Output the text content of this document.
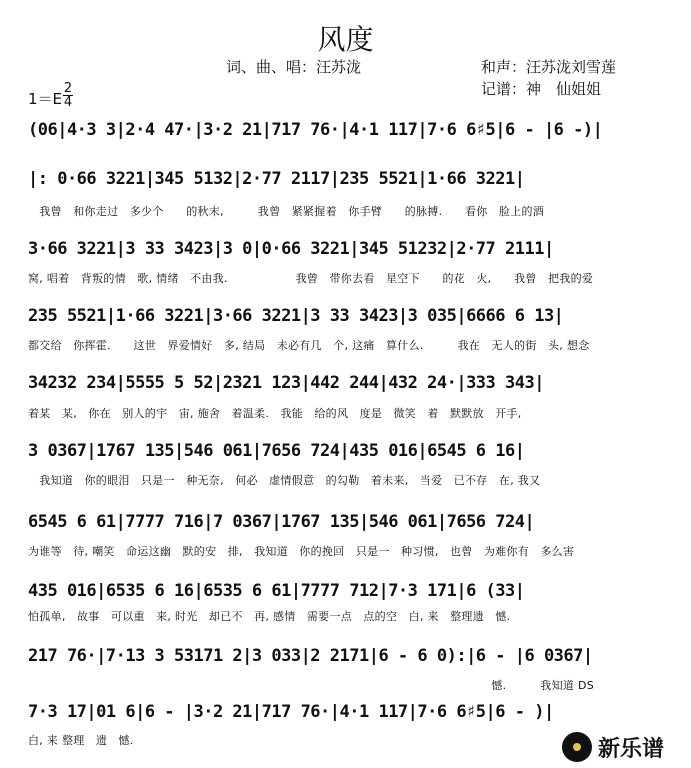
风度
词、曲、唱：汪苏泷	和声：汪苏泷刘雪莲
记谱：神　仙姐姐
1＝E
2
4
(06|4·3 3|2·4 47·|3·2 21|717 76·|4·1 117|7·6 6♯5|6 - |6 -)|
|: 0·66 3221|345 5132|2·77 2117|235 5521|1·66 3221|
　我曾　和你走过　多少个　　的秋末,　　　我曾　紧紧握着　你手臂　　的脉搏.　　看你　脸上的酒
3·66 3221|3 33 3423|3 0|0·66 3221|345 51232|2·77 2111|
窝, 唱着　背叛的情　歌, 情绪　不由我.　　　　　　我曾　带你去看　星空下　　的花　火,　　我曾　把我的爱
235 5521|1·66 3221|3·66 3221|3 33 3423|3 035|6666 6 13|
都交给　你挥霍.　　这世　界爱情好　多, 结局　未必有几　个, 这痛　算什么.　　　我在　无人的街　头, 想念
34232 234|5555 5 52|2321 123|442 244|432 24·|333 343|
着某　某,　你在　别人的宇　宙, 施舍　着温柔.　我能　给的风　度是　微笑　着　默默放　开手,
3 0367|1767 135|546 061|7656 724|435 016|6545 6 16|
　我知道　你的眼泪　只是一　种无奈,　何必　虚情假意　的勾勒　着未来,　当爱　已不存　在, 我又
6545 6 61|7777 716|7 0367|1767 135|546 061|7656 724|
为谁等　待, 嘲笑　命运这幽　默的安　排,　我知道　你的挽回　只是一　种习惯,　也曾　为难你有　多么害
435 016|6535 6 16|6535 6 61|7777 712|7·3 171|6 (33|
怕孤单,　故事　可以重　来, 时光　却已不　再, 感情　需要一点　点的空　白, 来　整理遗　憾.
217 76·|7·13 3 53171 2|3 033|2 2171|6 - 6 0):|6 - |6 0367|
　　　　　　　　　　　　　　　　　　　　　　　　　　　　　　　　　　　　　　　　　憾.　　　我知道 DS
7·3 17|01 6|6 - |3·2 21|717 76·|4·1 117|7·6 6♯5|6 - )|
白, 来 整理　遗　憾.	新乐谱
